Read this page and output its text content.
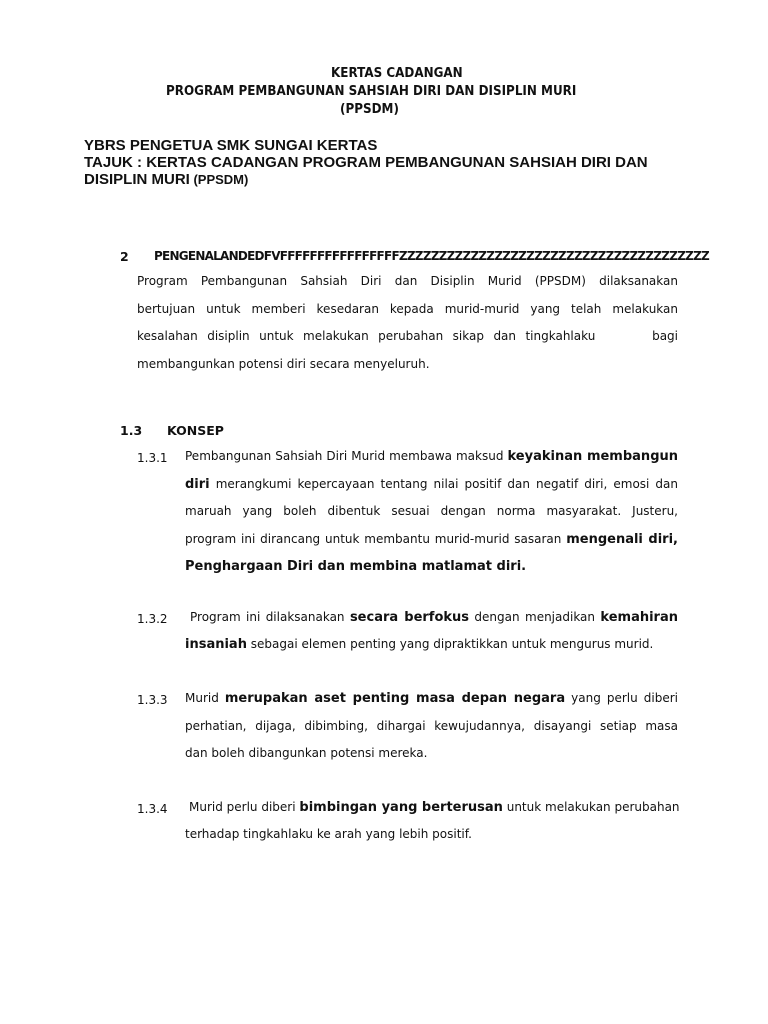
KERTAS CADANGAN
PROGRAM PEMBANGUNAN SAHSIAH DIRI DAN DISIPLIN MURI
(PPSDM)
YBRS PENGETUA SMK SUNGAI KERTAS
TAJUK : KERTAS CADANGAN PROGRAM PEMBANGUNAN SAHSIAH DIRI DAN
DISIPLIN MURI (PPSDM)
2 PENGENALANDEDFVFFFFFFFFFFFFFFFFZZZZZZZZZZZZZZZZZZZZZZZZZZZZZZZZZZZZZZZ
Program Pembangunan Sahsiah Diri dan Disiplin Murid (PPSDM) dilaksanakan
bertujuan untuk memberi kesedaran kepada murid-murid yang telah melakukan
kesalahan disiplin untuk melakukan perubahan sikap dan tingkahlaku      bagi
membangunkan potensi diri secara menyeluruh.
1.3 KONSEP
1.3.1 Pembangunan Sahsiah Diri Murid membawa maksud keyakinan membangun
diri merangkumi kepercayaan tentang nilai positif dan negatif diri, emosi dan
maruah yang boleh dibentuk sesuai dengan norma masyarakat. Justeru,
program ini dirancang untuk membantu murid-murid sasaran mengenali diri,
Penghargaan Diri dan membina matlamat diri.
1.3.2 Program ini dilaksanakan secara berfokus dengan menjadikan kemahiran
insaniah sebagai elemen penting yang dipraktikkan untuk mengurus murid.
1.3.3 Murid merupakan aset penting masa depan negara yang perlu diberi
perhatian, dijaga, dibimbing, dihargai kewujudannya, disayangi setiap masa
dan boleh dibangunkan potensi mereka.
1.3.4 Murid perlu diberi bimbingan yang berterusan untuk melakukan perubahan
terhadap tingkahlaku ke arah yang lebih positif.
